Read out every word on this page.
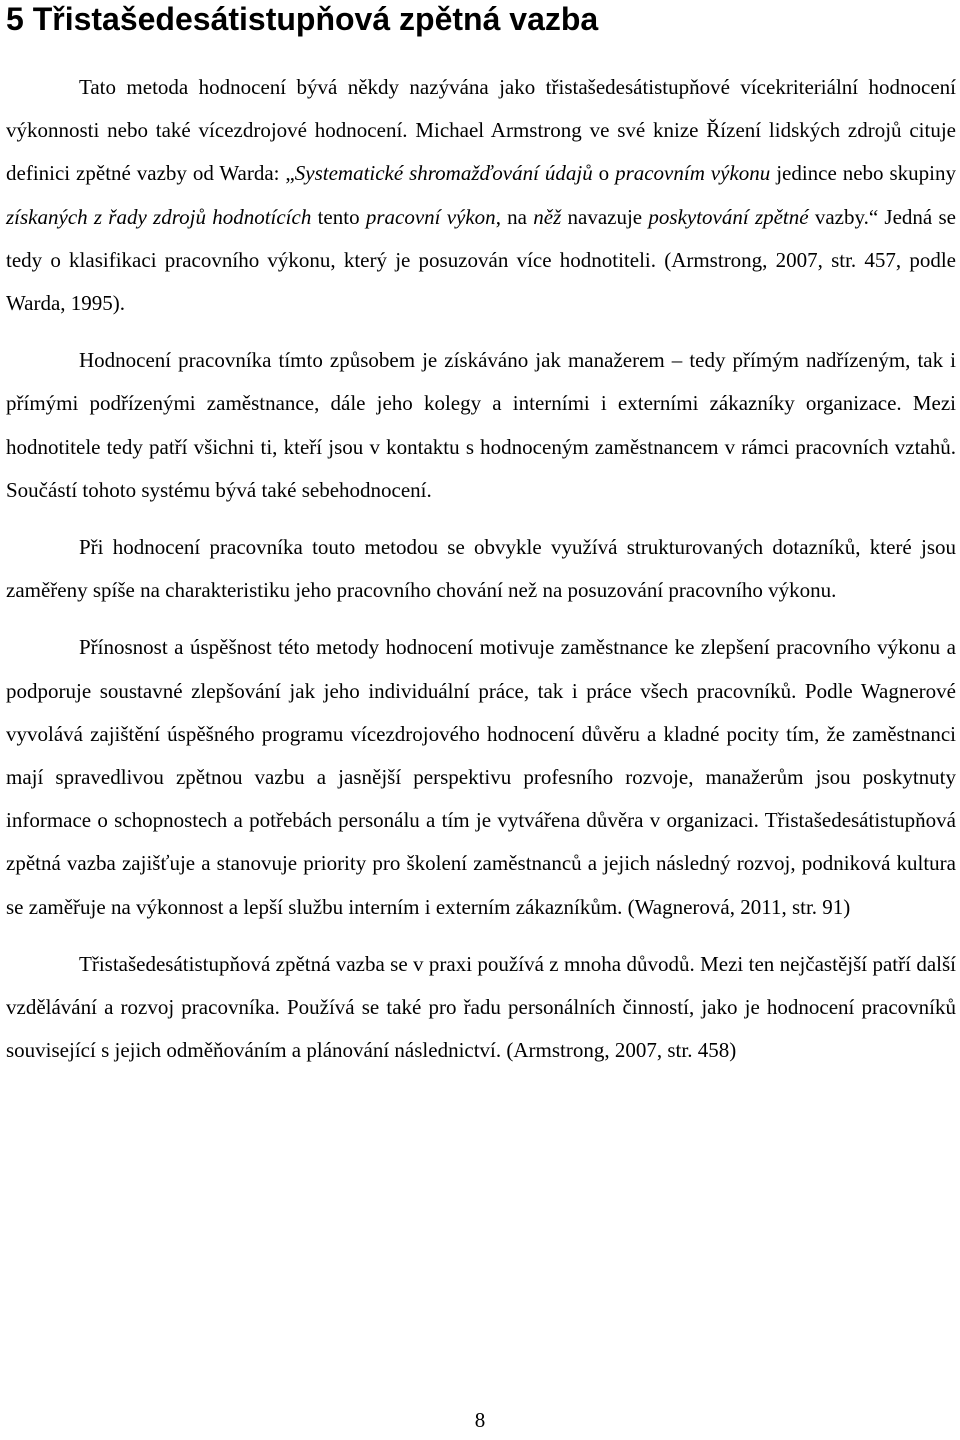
5 Třistašedesátistupňová zpětná vazba

Tato metoda hodnocení bývá někdy nazývána jako třistašedesátistupňové vícekriteriální hodnocení výkonnosti nebo také vícezdrojové hodnocení. Michael Armstrong ve své knize Řízení lidských zdrojů cituje definici zpětné vazby od Warda: „Systematické shromažďování údajů o pracovním výkonu jedince nebo skupiny získaných z řady zdrojů hodnotících tento pracovní výkon, na něž navazuje poskytování zpětné vazby.“ Jedná se tedy o klasifikaci pracovního výkonu, který je posuzován více hodnotiteli. (Armstrong, 2007, str. 457, podle Warda, 1995).

Hodnocení pracovníka tímto způsobem je získáváno jak manažerem – tedy přímým nadřízeným, tak i přímými podřízenými zaměstnance, dále jeho kolegy a interními i externími zákazníky organizace. Mezi hodnotitele tedy patří všichni ti, kteří jsou v kontaktu s hodnoceným zaměstnancem v rámci pracovních vztahů. Součástí tohoto systému bývá také sebehodnocení.

Při hodnocení pracovníka touto metodou se obvykle využívá strukturovaných dotazníků, které jsou zaměřeny spíše na charakteristiku jeho pracovního chování než na posuzování pracovního výkonu.

Přínosnost a úspěšnost této metody hodnocení motivuje zaměstnance ke zlepšení pracovního výkonu a podporuje soustavné zlepšování jak jeho individuální práce, tak i práce všech pracovníků. Podle Wagnerové vyvolává zajištění úspěšného programu vícezdrojového hodnocení důvěru a kladné pocity tím, že zaměstnanci mají spravedlivou zpětnou vazbu a jasnější perspektivu profesního rozvoje, manažerům jsou poskytnuty informace o schopnostech a potřebách personálu a tím je vytvářena důvěra v organizaci. Třistašedesátistupňová zpětná vazba zajišťuje a stanovuje priority pro školení zaměstnanců a jejich následný rozvoj, podniková kultura se zaměřuje na výkonnost a lepší službu interním i externím zákazníkům. (Wagnerová, 2011, str. 91)

Třistašedesátistupňová zpětná vazba se v praxi používá z mnoha důvodů. Mezi ten nejčastější patří další vzdělávání a rozvoj pracovníka. Používá se také pro řadu personálních činností, jako je hodnocení pracovníků související s jejich odměňováním a plánování následnictví. (Armstrong, 2007, str. 458)

8
